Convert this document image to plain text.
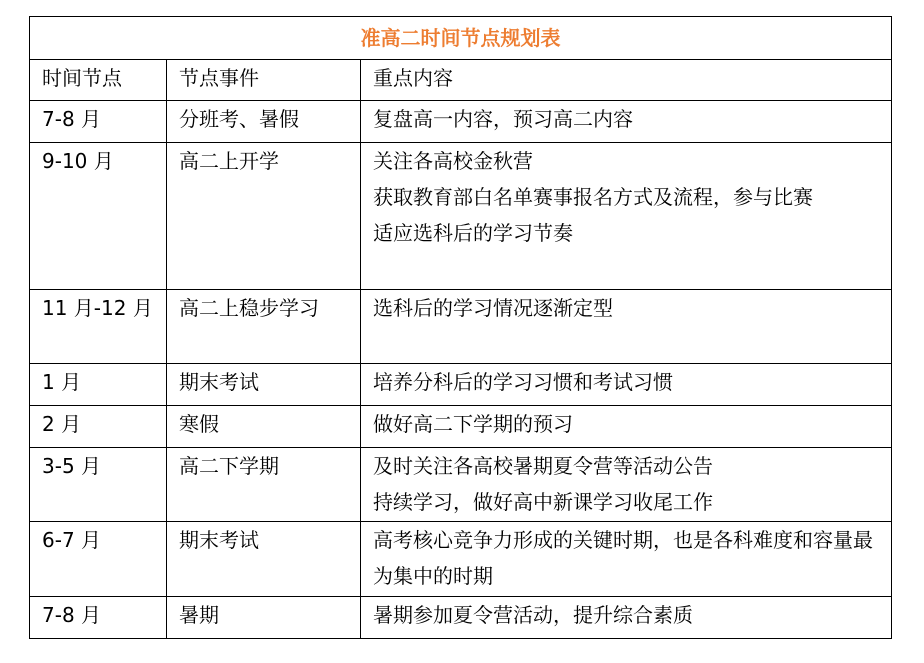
准高二时间节点规划表		
时间节点	节点事件	重点内容
7-8 月	分班考、暑假	复盘高一内容，预习高二内容

9-10 月	高二上开学	关注各高校金秋营
获取教育部白名单赛事报名方式及流程，参与比赛
适应选科后的学习节奏

11 月-12 月	高二上稳步学习	选科后的学习情况逐渐定型

1 月	期末考试	培养分科后的学习习惯和考试习惯

2 月	寒假	做好高二下学期的预习

3-5 月	高二下学期	及时关注各高校暑期夏令营等活动公告
持续学习，做好高中新课学习收尾工作

6-7 月	期末考试	高考核心竞争力形成的关键时期，也是各科难度和容量最为集中的时期

7-8 月	暑期	暑期参加夏令营活动，提升综合素质
